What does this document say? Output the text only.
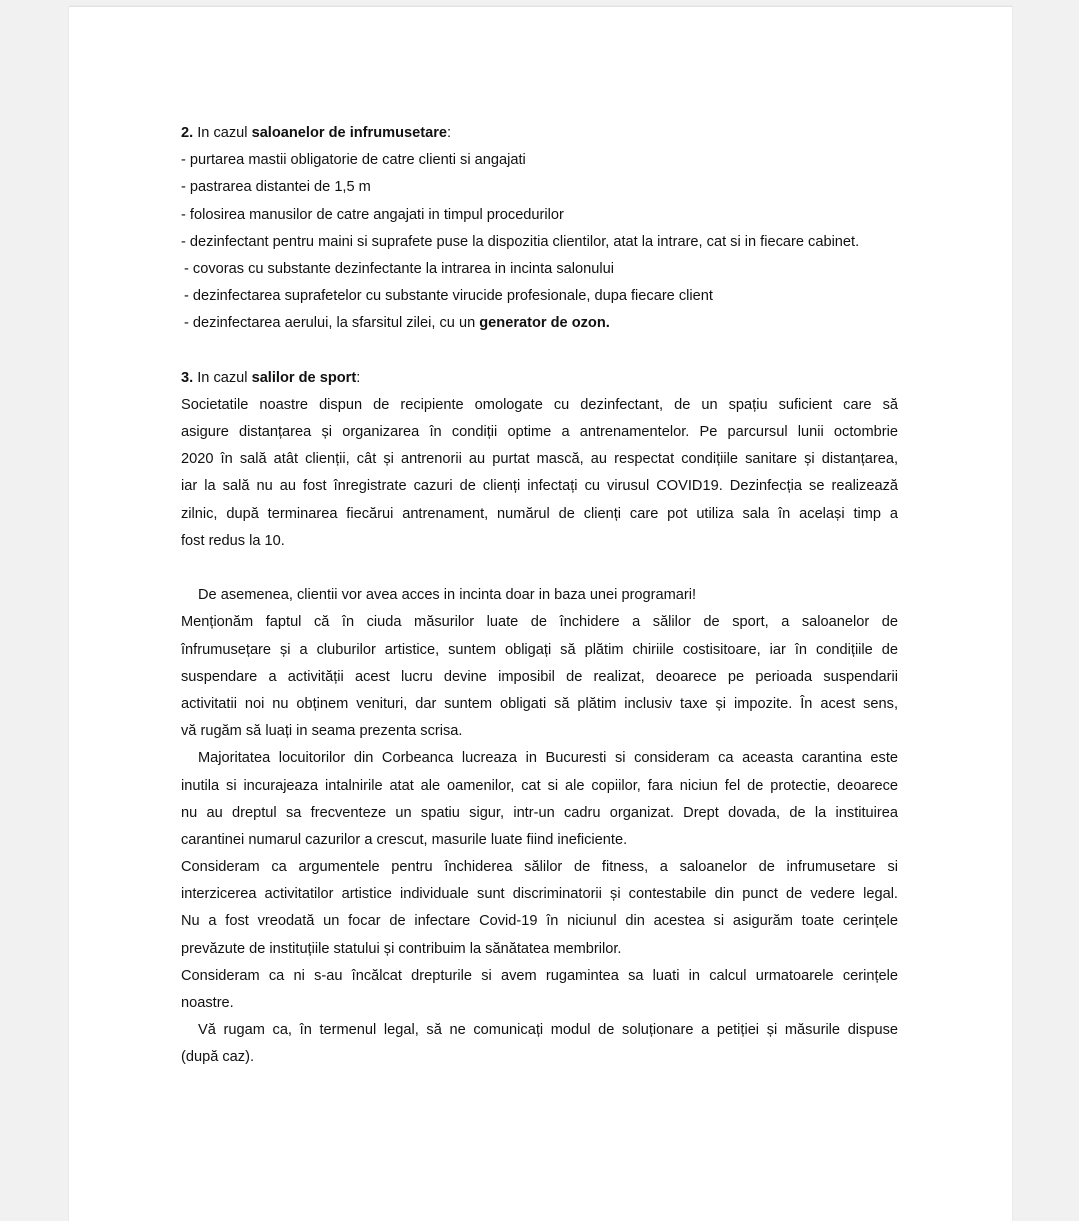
2. In cazul saloanelor de infrumusetare:
- purtarea mastii obligatorie de catre clienti si angajati
- pastrarea distantei de 1,5 m
- folosirea manusilor de catre angajati in timpul procedurilor
- dezinfectant pentru maini si suprafete puse la dispozitia clientilor, atat la intrare, cat si in fiecare cabinet.
- covoras cu substante dezinfectante la intrarea in incinta salonului
- dezinfectarea suprafetelor cu substante virucide profesionale, dupa fiecare client
- dezinfectarea aerului, la sfarsitul zilei, cu un generator de ozon.
3. In cazul salilor de sport:
Societatile noastre dispun de recipiente omologate cu dezinfectant, de un spațiu suficient care să
asigure distanțarea și organizarea în condiții optime a antrenamentelor. Pe parcursul lunii octombrie
2020 în sală atât clienții, cât și antrenorii au purtat mască, au respectat condițiile sanitare și distanțarea,
iar la sală nu au fost înregistrate cazuri de clienți infectați cu virusul COVID19. Dezinfecția se realizează
zilnic, după terminarea fiecărui antrenament, numărul de clienți care pot utiliza sala în același timp a
fost redus la 10.
De asemenea, clientii vor avea acces in incinta doar in baza unei programari!
Menționăm faptul că în ciuda măsurilor luate de închidere a sălilor de sport, a saloanelor de
înfrumusețare și a cluburilor artistice, suntem obligați să plătim chiriile costisitoare, iar în condițiile de
suspendare a activității acest lucru devine imposibil de realizat, deoarece pe perioada suspendarii
activitatii noi nu obținem venituri, dar suntem obligati să plătim inclusiv taxe și impozite. În acest sens,
vă rugăm să luați in seama prezenta scrisa.
Majoritatea locuitorilor din Corbeanca lucreaza in Bucuresti si consideram ca aceasta carantina este
inutila si incurajeaza intalnirile atat ale oamenilor, cat si ale copiilor, fara niciun fel de protectie, deoarece
nu au dreptul sa frecventeze un spatiu sigur, intr-un cadru organizat. Drept dovada, de la instituirea
carantinei numarul cazurilor a crescut, masurile luate fiind ineficiente.
Consideram ca argumentele pentru închiderea sălilor de fitness, a saloanelor de infrumusetare si
interzicerea activitatilor artistice individuale sunt discriminatorii și contestabile din punct de vedere legal.
Nu a fost vreodată un focar de infectare Covid-19 în niciunul din acestea si asigurăm toate cerințele
prevăzute de instituțiile statului și contribuim la sănătatea membrilor.
Consideram ca ni s-au încălcat drepturile si avem rugamintea sa luati in calcul urmatoarele cerințele
noastre.
Vă rugam ca, în termenul legal, să ne comunicați modul de soluționare a petiției și măsurile dispuse
(după caz).
